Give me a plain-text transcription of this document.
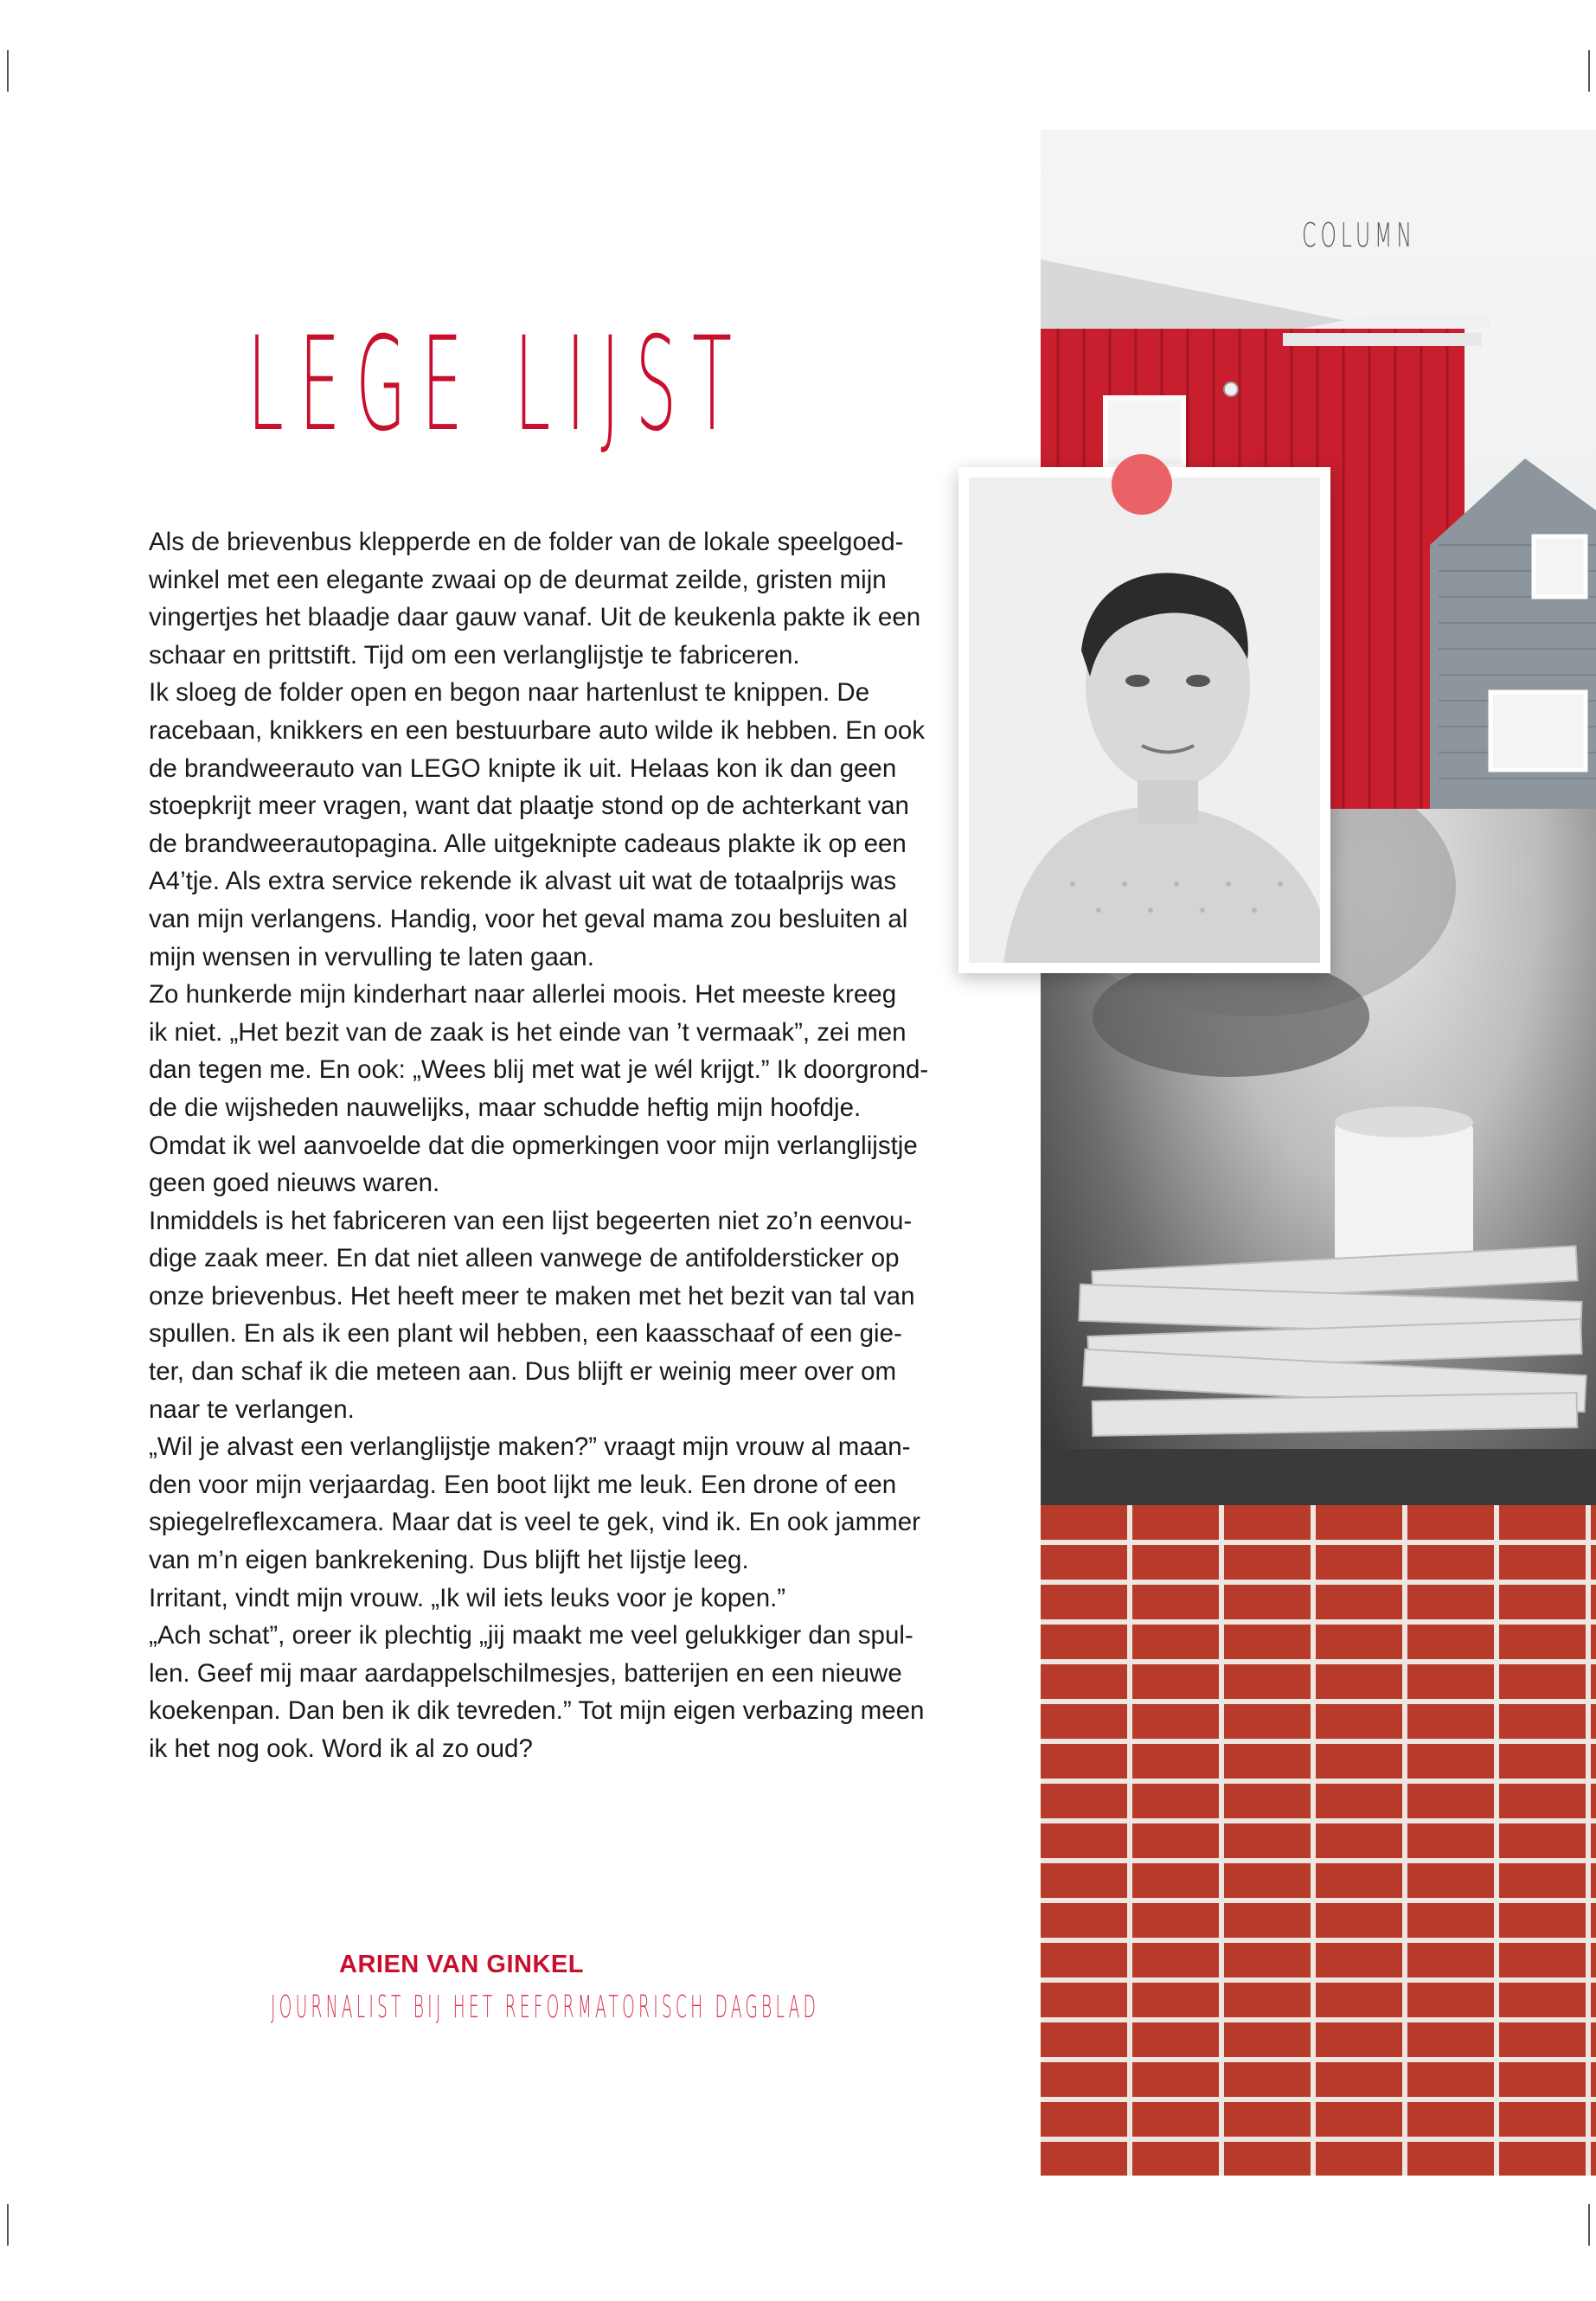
COLUMN
LEGE LIJST
Als de brievenbus klepperde en de folder van de lokale speelgoed-
winkel met een elegante zwaai op de deurmat zeilde, gristen mijn
vingertjes het blaadje daar gauw vanaf. Uit de keukenla pakte ik een
schaar en prittstift. Tijd om een verlanglijstje te fabriceren.
Ik sloeg de folder open en begon naar hartenlust te knippen. De
racebaan, knikkers en een bestuurbare auto wilde ik hebben. En ook
de brandweerauto van LEGO knipte ik uit. Helaas kon ik dan geen
stoepkrijt meer vragen, want dat plaatje stond op de achterkant van
de brandweerautopagina. Alle uitgeknipte cadeaus plakte ik op een
A4’tje. Als extra service rekende ik alvast uit wat de totaalprijs was
van mijn verlangens. Handig, voor het geval mama zou besluiten al
mijn wensen in vervulling te laten gaan.
Zo hunkerde mijn kinderhart naar allerlei moois. Het meeste kreeg
ik niet. „Het bezit van de zaak is het einde van ’t vermaak”, zei men
dan tegen me. En ook: „Wees blij met wat je wél krijgt.” Ik doorgrond-
de die wijsheden nauwelijks, maar schudde heftig mijn hoofdje.
Omdat ik wel aanvoelde dat die opmerkingen voor mijn verlanglijstje
geen goed nieuws waren.
Inmiddels is het fabriceren van een lijst begeerten niet zo’n eenvou-
dige zaak meer. En dat niet alleen vanwege de antifoldersticker op
onze brievenbus. Het heeft meer te maken met het bezit van tal van
spullen. En als ik een plant wil hebben, een kaasschaaf of een gie-
ter, dan schaf ik die meteen aan. Dus blijft er weinig meer over om
naar te verlangen.
„Wil je alvast een verlanglijstje maken?” vraagt mijn vrouw al maan-
den voor mijn verjaardag. Een boot lijkt me leuk. Een drone of een
spiegelreflexcamera. Maar dat is veel te gek, vind ik. En ook jammer
van m’n eigen bankrekening. Dus blijft het lijstje leeg.
Irritant, vindt mijn vrouw. „Ik wil iets leuks voor je kopen.”
„Ach schat”, oreer ik plechtig „jij maakt me veel gelukkiger dan spul-
len. Geef mij maar aardappelschilmesjes, batterijen en een nieuwe
koekenpan. Dan ben ik dik tevreden.” Tot mijn eigen verbazing meen
ik het nog ook. Word ik al zo oud?
ARIEN VAN GINKEL
JOURNALIST BIJ HET REFORMATORISCH DAGBLAD
